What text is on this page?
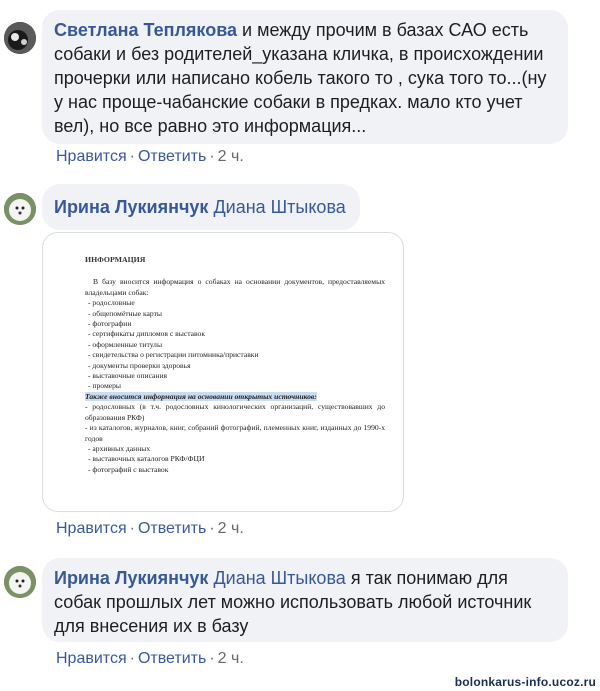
Светлана Теплякова и между прочим в базах САО есть
собаки и без родителей_указана кличка, в происхождении
прочерки или написано кобель такого то , сука того то...(ну
у нас проще-чабанские собаки в предках. мало кто учет
вел), но все равно это информация...
Нравится · Ответить · 2 ч.
Ирина Лукиянчук Диана Штыкова
ИНФОРМАЦИЯ
В базу вносится информация о собаках на основании документов, предоставляемых владельцами собак:
- родословные
- общепомётные карты
- фотографии
- сертификаты дипломов с выставок
- оформленные титулы
- свидетельства о регистрации питомника/приставки
- документы проверки здоровья
- выставочные описания
- промеры
Также вносится информация на основании открытых источников:
- родословных (в т.ч. родословных кинологических организаций, существовавших до образования РКФ)
- из каталогов, журналов, книг, собраний фотографий, племенных книг, изданных до 1990-х годов
- архивных данных
- выставочных каталогов РКФ/ФЦИ
- фотографий с выставок
Нравится · Ответить · 2 ч.
Ирина Лукиянчук Диана Штыкова я так понимаю для
собак прошлых лет можно использовать любой источник
для внесения их в базу
Нравится · Ответить · 2 ч.
bolonkarus-info.ucoz.ru
